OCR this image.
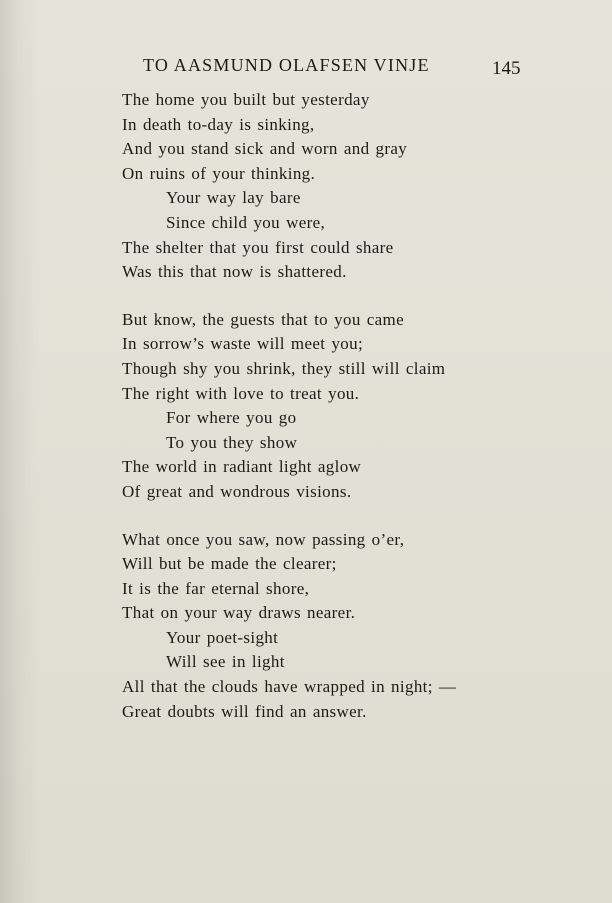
TO AASMUND OLAFSEN VINJE	145
The home you built but yesterday
In death to-day is sinking,
And you stand sick and worn and gray
On ruins of your thinking.
Your way lay bare
Since child you were,
The shelter that you first could share
Was this that now is shattered.
But know, the guests that to you came
In sorrow’s waste will meet you;
Though shy you shrink, they still will claim
The right with love to treat you.
For where you go
To you they show
The world in radiant light aglow
Of great and wondrous visions.
What once you saw, now passing o’er,
Will but be made the clearer;
It is the far eternal shore,
That on your way draws nearer.
Your poet-sight
Will see in light
All that the clouds have wrapped in night; —
Great doubts will find an answer.
